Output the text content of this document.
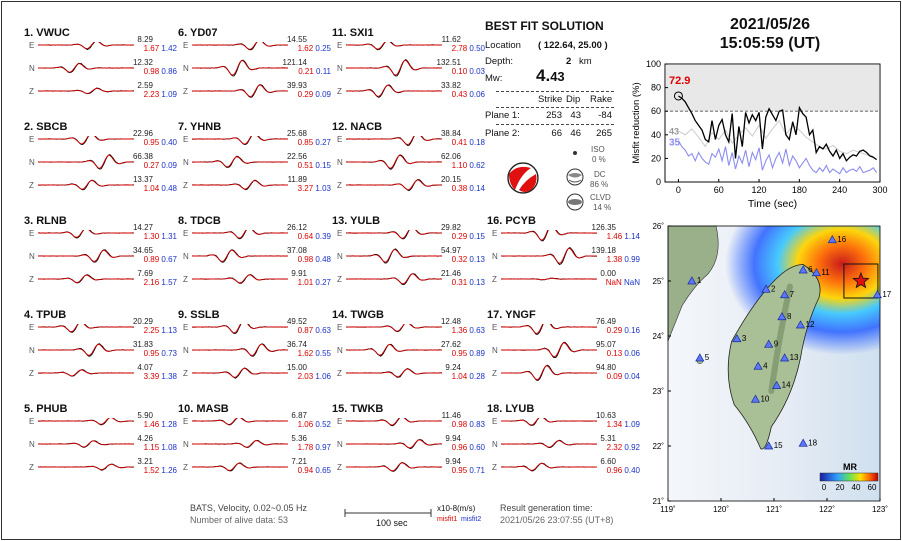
1. VWUC
E
8.29
1.67 1.42
N
12.32
0.98 0.86
Z
2.59
2.23 1.09
2. SBCB
E
22.96
0.95 0.40
N
66.38
0.27 0.09
Z
13.37
1.04 0.48
3. RLNB
E
14.27
1.30 1.31
N
34.65
0.89 0.67
Z
7.69
2.16 1.57
4. TPUB
E
20.29
2.25 1.13
N
31.83
0.95 0.73
Z
4.07
3.39 1.38
5. PHUB
E
5.90
1.46 1.28
N
4.26
1.15 1.08
Z
3.21
1.52 1.26
6. YD07
E
14.55
1.62 0.25
N
121.14
0.21 0.11
Z
39.93
0.29 0.09
7. YHNB
E
25.68
0.85 0.27
N
22.56
0.51 0.15
Z
11.89
3.27 1.03
8. TDCB
E
26.12
0.64 0.39
N
37.08
0.98 0.48
Z
9.91
1.01 0.27
9. SSLB
E
49.52
0.87 0.63
N
36.74
1.62 0.55
Z
15.00
2.03 1.06
10. MASB
E
6.87
1.06 0.52
N
5.36
1.78 0.97
Z
7.21
0.94 0.65
11. SXI1
E
11.62
2.78 0.50
N
132.51
0.10 0.03
Z
33.82
0.43 0.06
12. NACB
E
38.84
0.41 0.18
N
62.06
1.10 0.62
Z
20.15
0.38 0.14
13. YULB
E
29.82
0.29 0.15
N
54.97
0.32 0.13
Z
21.46
0.31 0.13
14. TWGB
E
12.48
1.36 0.63
N
27.62
0.95 0.89
Z
9.24
1.04 0.28
15. TWKB
E
11.46
0.98 0.83
N
9.94
0.96 0.60
Z
9.94
0.95 0.71
16. PCYB
E
126.35
1.46 1.14
N
139.18
1.38 0.99
Z
0.00
NaN NaN
17. YNGF
E
76.49
0.29 0.16
N
95.07
0.13 0.06
Z
94.80
0.09 0.04
18. LYUB
E
10.63
1.34 1.09
N
5.31
2.32 0.92
Z
6.60
0.96 0.40
BEST FIT SOLUTION
Location ( 122.64, 25.00 )
Depth:	2 km
Mw: 4.43
Strike Dip Rake
Plane 1:	253 43	-84
Plane 2:	66 46	265
ISO
0 %
DC
86 %
CLVD
14 %
2021/05/26
15:05:59 (UT)
0	60	120	180	240	300
0
20
40
60
80
100
Time (sec)
Misfit reduction (%)
72.9
43
35
119˚	120˚	121˚	122˚	123˚
26˚
25˚
24˚
23˚
22˚
21˚
1
2
3
4
5
6
7
8
9
10
11
12
13
14
15
16
17
18
MR
0 20 40 60
BATS, Velocity, 0.02~0.05 Hz
Number of alive data: 53	100 sec
x10-8(m/s)
misfit1 misfit2
Result generation time:
2021/05/26 23:07:55 (UT+8)
